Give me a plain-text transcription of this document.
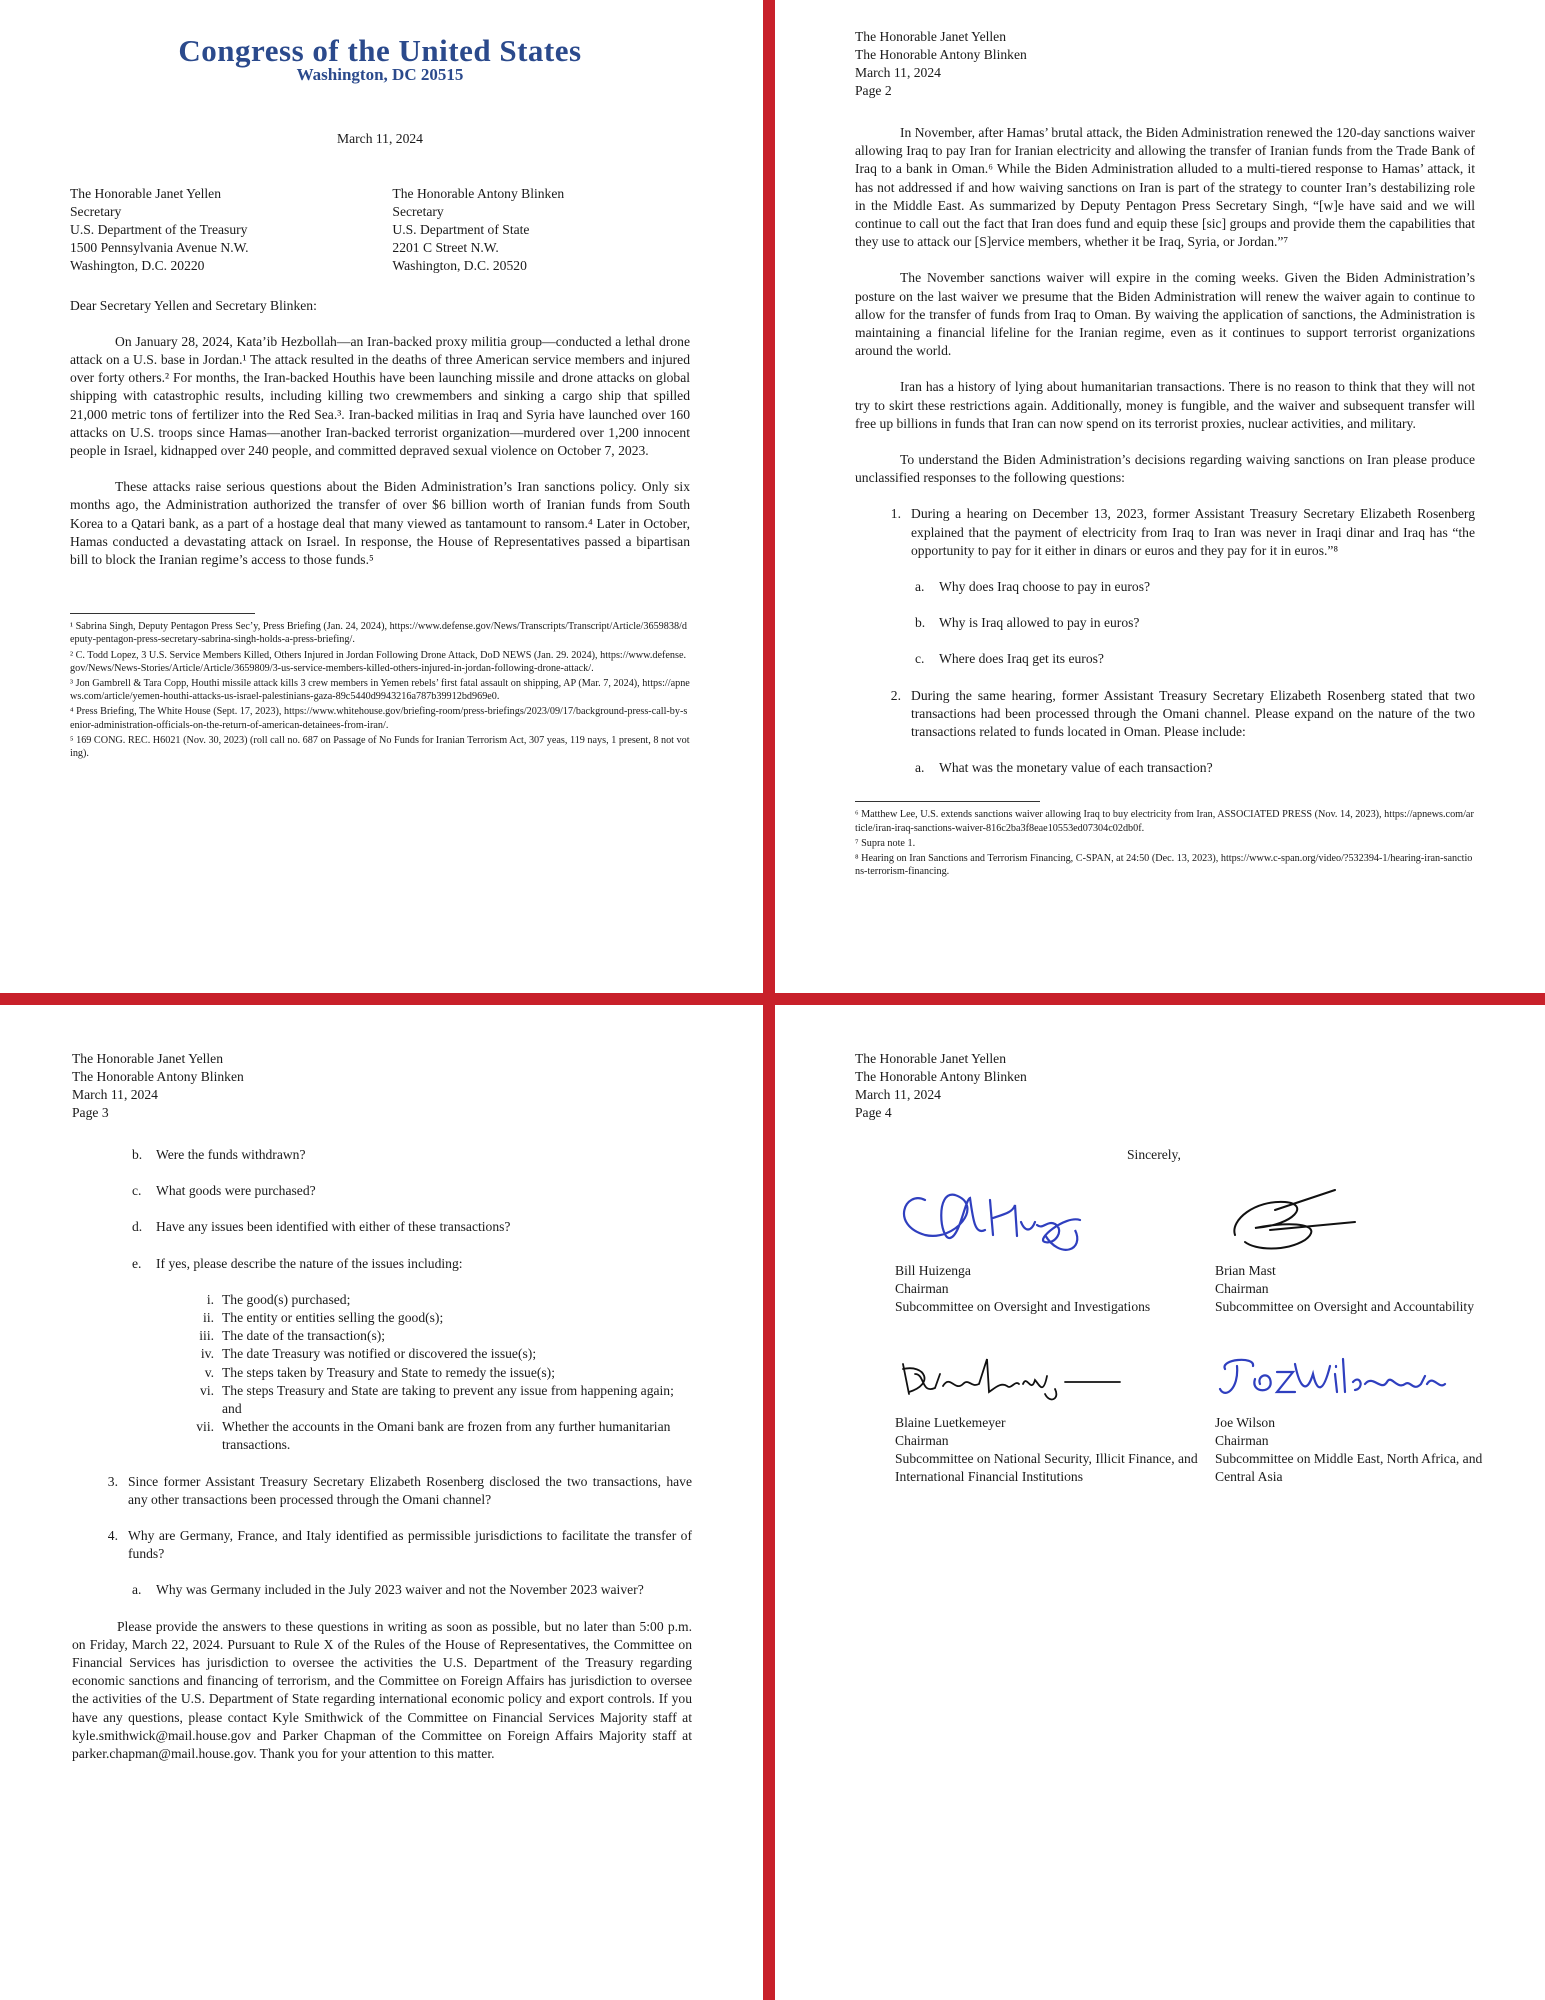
Congress of the United States
Washington, DC 20515
March 11, 2024
The Honorable Janet Yellen
Secretary
U.S. Department of the Treasury
1500 Pennsylvania Avenue N.W.
Washington, D.C. 20220
The Honorable Antony Blinken
Secretary
U.S. Department of State
2201 C Street N.W.
Washington, D.C. 20520

Dear Secretary Yellen and Secretary Blinken:

On January 28, 2024, Kata’ib Hezbollah—an Iran-backed proxy militia group—conducted a lethal drone attack on a U.S. base in Jordan.¹ The attack resulted in the deaths of three American service members and injured over forty others.² For months, the Iran-backed Houthis have been launching missile and drone attacks on global shipping with catastrophic results, including killing two crewmembers and sinking a cargo ship that spilled 21,000 metric tons of fertilizer into the Red Sea.³. Iran-backed militias in Iraq and Syria have launched over 160 attacks on U.S. troops since Hamas—another Iran-backed terrorist organization—murdered over 1,200 innocent people in Israel, kidnapped over 240 people, and committed depraved sexual violence on October 7, 2023.

These attacks raise serious questions about the Biden Administration’s Iran sanctions policy. Only six months ago, the Administration authorized the transfer of over $6 billion worth of Iranian funds from South Korea to a Qatari bank, as a part of a hostage deal that many viewed as tantamount to ransom.⁴ Later in October, Hamas conducted a devastating attack on Israel. In response, the House of Representatives passed a bipartisan bill to block the Iranian regime’s access to those funds.⁵

¹ Sabrina Singh, Deputy Pentagon Press Sec’y, Press Briefing (Jan. 24, 2024), https://www.defense.gov/News/Transcripts/Transcript/Article/3659838/deputy-pentagon-press-secretary-sabrina-singh-holds-a-press-briefing/.
² C. Todd Lopez, 3 U.S. Service Members Killed, Others Injured in Jordan Following Drone Attack, DoD NEWS (Jan. 29. 2024), https://www.defense.gov/News/News-Stories/Article/Article/3659809/3-us-service-members-killed-others-injured-in-jordan-following-drone-attack/.
³ Jon Gambrell & Tara Copp, Houthi missile attack kills 3 crew members in Yemen rebels’ first fatal assault on shipping, AP (Mar. 7, 2024), https://apnews.com/article/yemen-houthi-attacks-us-israel-palestinians-gaza-89c5440d9943216a787b39912bd969e0.
⁴ Press Briefing, The White House (Sept. 17, 2023), https://www.whitehouse.gov/briefing-room/press-briefings/2023/09/17/background-press-call-by-senior-administration-officials-on-the-return-of-american-detainees-from-iran/.
⁵ 169 CONG. REC. H6021 (Nov. 30, 2023) (roll call no. 687 on Passage of No Funds for Iranian Terrorism Act, 307 yeas, 119 nays, 1 present, 8 not voting).
The Honorable Janet Yellen
The Honorable Antony Blinken
March 11, 2024
Page 2

In November, after Hamas’ brutal attack, the Biden Administration renewed the 120-day sanctions waiver allowing Iraq to pay Iran for Iranian electricity and allowing the transfer of Iranian funds from the Trade Bank of Iraq to a bank in Oman.⁶ While the Biden Administration alluded to a multi-tiered response to Hamas’ attack, it has not addressed if and how waiving sanctions on Iran is part of the strategy to counter Iran’s destabilizing role in the Middle East. As summarized by Deputy Pentagon Press Secretary Singh, “[w]e have said and we will continue to call out the fact that Iran does fund and equip these [sic] groups and provide them the capabilities that they use to attack our [S]ervice members, whether it be Iraq, Syria, or Jordan.”⁷

The November sanctions waiver will expire in the coming weeks. Given the Biden Administration’s posture on the last waiver we presume that the Biden Administration will renew the waiver again to continue to allow for the transfer of funds from Iraq to Oman. By waiving the application of sanctions, the Administration is maintaining a financial lifeline for the Iranian regime, even as it continues to support terrorist organizations around the world.

Iran has a history of lying about humanitarian transactions. There is no reason to think that they will not try to skirt these restrictions again. Additionally, money is fungible, and the waiver and subsequent transfer will free up billions in funds that Iran can now spend on its terrorist proxies, nuclear activities, and military.

To understand the Biden Administration’s decisions regarding waiving sanctions on Iran please produce unclassified responses to the following questions:

1. During a hearing on December 13, 2023, former Assistant Treasury Secretary Elizabeth Rosenberg explained that the payment of electricity from Iraq to Iran was never in Iraqi dinar and Iraq has “the opportunity to pay for it either in dinars or euros and they pay for it in euros.”⁸
a.	Why does Iraq choose to pay in euros?
b.	Why is Iraq allowed to pay in euros?
c.	Where does Iraq get its euros?
2. During the same hearing, former Assistant Treasury Secretary Elizabeth Rosenberg stated that two transactions had been processed through the Omani channel. Please expand on the nature of the two transactions related to funds located in Oman. Please include:
a.	What was the monetary value of each transaction?
⁶ Matthew Lee, U.S. extends sanctions waiver allowing Iraq to buy electricity from Iran, ASSOCIATED PRESS (Nov. 14, 2023), https://apnews.com/article/iran-iraq-sanctions-waiver-816c2ba3f8eae10553ed07304c02db0f.
⁷ Supra note 1.
⁸ Hearing on Iran Sanctions and Terrorism Financing, C-SPAN, at 24:50 (Dec. 13, 2023), https://www.c-span.org/video/?532394-1/hearing-iran-sanctions-terrorism-financing.
The Honorable Janet Yellen
The Honorable Antony Blinken
March 11, 2024
Page 3
b.	Were the funds withdrawn?
c.	What goods were purchased?
d.	Have any issues been identified with either of these transactions?
e.	If yes, please describe the nature of the issues including:
i. The good(s) purchased;
ii. The entity or entities selling the good(s);
iii. The date of the transaction(s);
iv. The date Treasury was notified or discovered the issue(s);
v. The steps taken by Treasury and State to remedy the issue(s);
vi. The steps Treasury and State are taking to prevent any issue from happening again; and
vii. Whether the accounts in the Omani bank are frozen from any further humanitarian transactions.
3. Since former Assistant Treasury Secretary Elizabeth Rosenberg disclosed the two transactions, have any other transactions been processed through the Omani channel?
4. Why are Germany, France, and Italy identified as permissible jurisdictions to facilitate the transfer of funds?
a.	Why was Germany included in the July 2023 waiver and not the November 2023 waiver?

Please provide the answers to these questions in writing as soon as possible, but no later than 5:00 p.m. on Friday, March 22, 2024. Pursuant to Rule X of the Rules of the House of Representatives, the Committee on Financial Services has jurisdiction to oversee the activities the U.S. Department of the Treasury regarding economic sanctions and financing of terrorism, and the Committee on Foreign Affairs has jurisdiction to oversee the activities of the U.S. Department of State regarding international economic policy and export controls. If you have any questions, please contact Kyle Smithwick of the Committee on Financial Services Majority staff at kyle.smithwick@mail.house.gov and Parker Chapman of the Committee on Foreign Affairs Majority staff at parker.chapman@mail.house.gov. Thank you for your attention to this matter.

The Honorable Janet Yellen
The Honorable Antony Blinken
March 11, 2024
Page 4
Sincerely,
Bill Huizenga
Chairman
Subcommittee on Oversight and Investigations
Brian Mast
Chairman
Subcommittee on Oversight and Accountability
Blaine Luetkemeyer
Chairman
Subcommittee on National Security, Illicit Finance, and International Financial Institutions
Joe Wilson
Chairman
Subcommittee on Middle East, North Africa, and Central Asia
